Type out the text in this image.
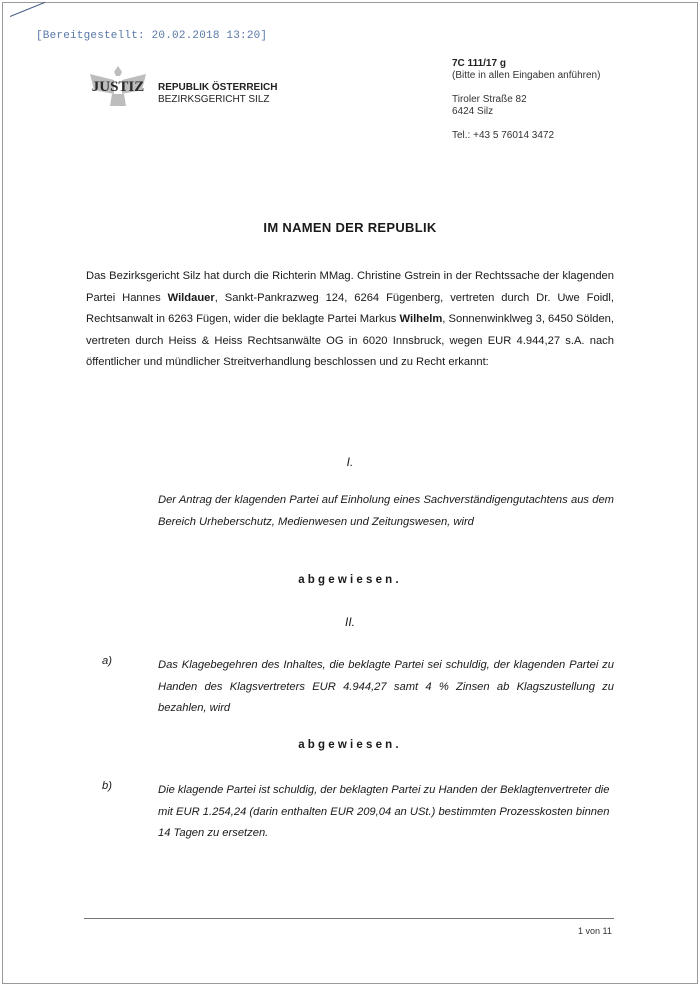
[Bereitgestellt: 20.02.2018 13:20]
JUSTIZ REPUBLIK ÖSTERREICH
BEZIRKSGERICHT SILZ
7C 111/17 g
(Bitte in allen Eingaben anführen)
Tiroler Straße 82
6424 Silz
Tel.: +43 5 76014 3472
IM NAMEN DER REPUBLIK
Das Bezirksgericht Silz hat durch die Richterin MMag. Christine Gstrein in der Rechtssache der klagenden Partei Hannes Wildauer, Sankt-Pankrazweg 124, 6264 Fügenberg, vertreten durch Dr. Uwe Foidl, Rechtsanwalt in 6263 Fügen, wider die beklagte Partei Markus Wilhelm, Sonnenwinklweg 3, 6450 Sölden, vertreten durch Heiss & Heiss Rechtsanwälte OG in 6020 Innsbruck, wegen EUR 4.944,27 s.A. nach öffentlicher und mündlicher Streitverhandlung beschlossen und zu Recht erkannt:
I.
Der Antrag der klagenden Partei auf Einholung eines Sachverständigengutachtens aus dem Bereich Urheberschutz, Medienwesen und Zeitungswesen, wird
abgewiesen.
II.
a)	Das Klagebegehren des Inhaltes, die beklagte Partei sei schuldig, der klagenden Partei zu Handen des Klagsvertreters EUR 4.944,27 samt 4 % Zinsen ab Klagszustellung zu bezahlen, wird
abgewiesen.
b)	Die klagende Partei ist schuldig, der beklagten Partei zu Handen der Beklagtenvertreter die mit EUR 1.254,24 (darin enthalten EUR 209,04 an USt.) bestimmten Prozesskosten binnen 14 Tagen zu ersetzen.
1 von 11
